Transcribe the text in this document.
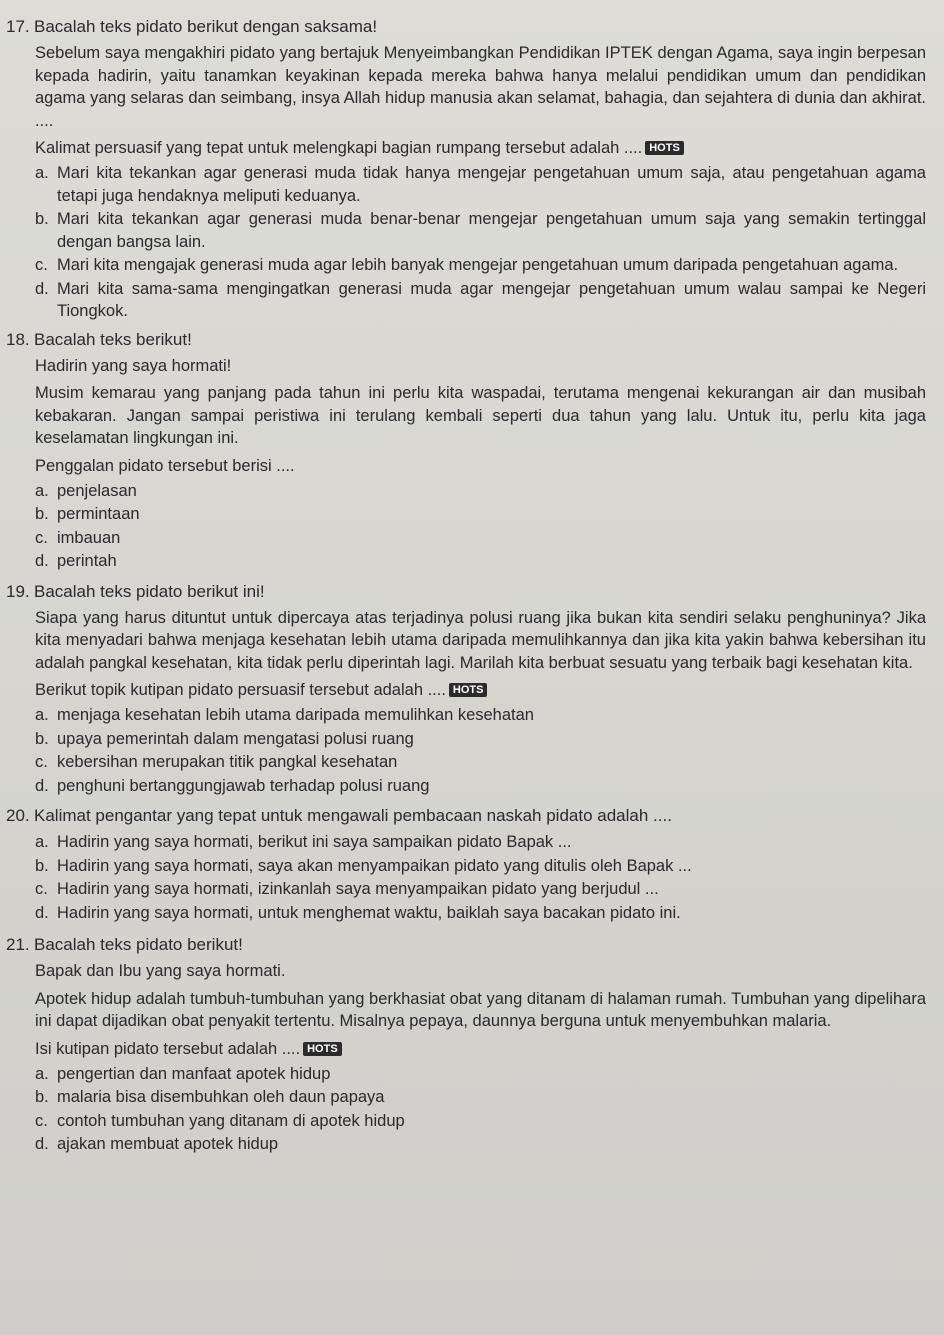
17. Bacalah teks pidato berikut dengan saksama!

Sebelum saya mengakhiri pidato yang bertajuk Menyeimbangkan Pendidikan IPTEK dengan Agama, saya ingin berpesan kepada hadirin, yaitu tanamkan keyakinan kepada mereka bahwa hanya melalui pendidikan umum dan pendidikan agama yang selaras dan seimbang, insya Allah hidup manusia akan selamat, bahagia, dan sejahtera di dunia dan akhirat. ....

Kalimat persuasif yang tepat untuk melengkapi bagian rumpang tersebut adalah .... HOTS

a. Mari kita tekankan agar generasi muda tidak hanya mengejar pengetahuan umum saja, atau pengetahuan agama tetapi juga hendaknya meliputi keduanya.
b. Mari kita tekankan agar generasi muda benar-benar mengejar pengetahuan umum saja yang semakin tertinggal dengan bangsa lain.
c. Mari kita mengajak generasi muda agar lebih banyak mengejar pengetahuan umum daripada pengetahuan agama.
d. Mari kita sama-sama mengingatkan generasi muda agar mengejar pengetahuan umum walau sampai ke Negeri Tiongkok.
18. Bacalah teks berikut!

Hadirin yang saya hormati!

Musim kemarau yang panjang pada tahun ini perlu kita waspadai, terutama mengenai kekurangan air dan musibah kebakaran. Jangan sampai peristiwa ini terulang kembali seperti dua tahun yang lalu. Untuk itu, perlu kita jaga keselamatan lingkungan ini.

Penggalan pidato tersebut berisi ....

a. penjelasan
b. permintaan
c. imbauan
d. perintah
19. Bacalah teks pidato berikut ini!

Siapa yang harus dituntut untuk dipercaya atas terjadinya polusi ruang jika bukan kita sendiri selaku penghuninya? Jika kita menyadari bahwa menjaga kesehatan lebih utama daripada memulihkannya dan jika kita yakin bahwa kebersihan itu adalah pangkal kesehatan, kita tidak perlu diperintah lagi. Marilah kita berbuat sesuatu yang terbaik bagi kesehatan kita.

Berikut topik kutipan pidato persuasif tersebut adalah .... HOTS

a. menjaga kesehatan lebih utama daripada memulihkan kesehatan
b. upaya pemerintah dalam mengatasi polusi ruang
c. kebersihan merupakan titik pangkal kesehatan
d. penghuni bertanggungjawab terhadap polusi ruang
20. Kalimat pengantar yang tepat untuk mengawali pembacaan naskah pidato adalah ....
a. Hadirin yang saya hormati, berikut ini saya sampaikan pidato Bapak ...
b. Hadirin yang saya hormati, saya akan menyampaikan pidato yang ditulis oleh Bapak ...
c. Hadirin yang saya hormati, izinkanlah saya menyampaikan pidato yang berjudul ...
d. Hadirin yang saya hormati, untuk menghemat waktu, baiklah saya bacakan pidato ini.
21. Bacalah teks pidato berikut!

Bapak dan Ibu yang saya hormati.

Apotek hidup adalah tumbuh-tumbuhan yang berkhasiat obat yang ditanam di halaman rumah. Tumbuhan yang dipelihara ini dapat dijadikan obat penyakit tertentu. Misalnya pepaya, daunnya berguna untuk menyembuhkan malaria.

Isi kutipan pidato tersebut adalah .... HOTS

a. pengertian dan manfaat apotek hidup
b. malaria bisa disembuhkan oleh daun papaya
c. contoh tumbuhan yang ditanam di apotek hidup
d. ajakan membuat apotek hidup
